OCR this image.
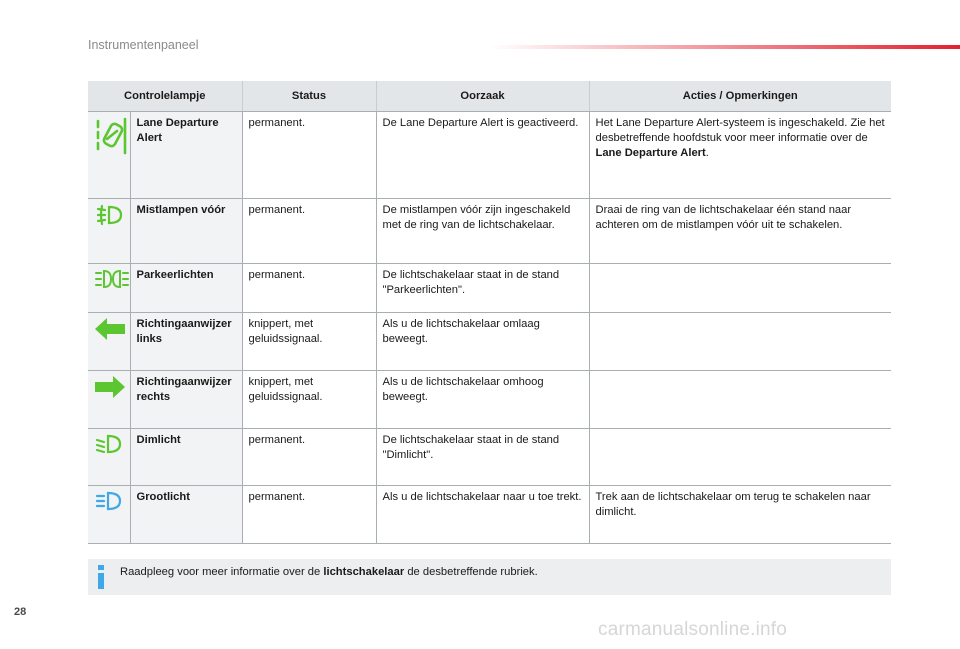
Instrumentenpaneel
Controlelampje		Status	Oorzaak	Acties / Opmerkingen
	Lane Departure Alert	permanent.	De Lane Departure Alert is geactiveerd.	Het Lane Departure Alert-systeem is ingeschakeld. Zie het desbetreffende hoofdstuk voor meer informatie over de Lane Departure Alert.
	Mistlampen vóór	permanent.	De mistlampen vóór zijn ingeschakeld met de ring van de lichtschakelaar.	Draai de ring van de lichtschakelaar één stand naar achteren om de mistlampen vóór uit te schakelen.
	Parkeerlichten	permanent.	De lichtschakelaar staat in de stand "Parkeerlichten".	
	Richtingaanwijzer links	knippert, met geluidssignaal.	Als u de lichtschakelaar omlaag beweegt.	
	Richtingaanwijzer rechts	knippert, met geluidssignaal.	Als u de lichtschakelaar omhoog beweegt.	
	Dimlicht	permanent.	De lichtschakelaar staat in de stand "Dimlicht".	
	Grootlicht	permanent.	Als u de lichtschakelaar naar u toe trekt.	Trek aan de lichtschakelaar om terug te schakelen naar dimlicht.
Raadpleeg voor meer informatie over de lichtschakelaar de desbetreffende rubriek.
28
carmanualsonline.info
